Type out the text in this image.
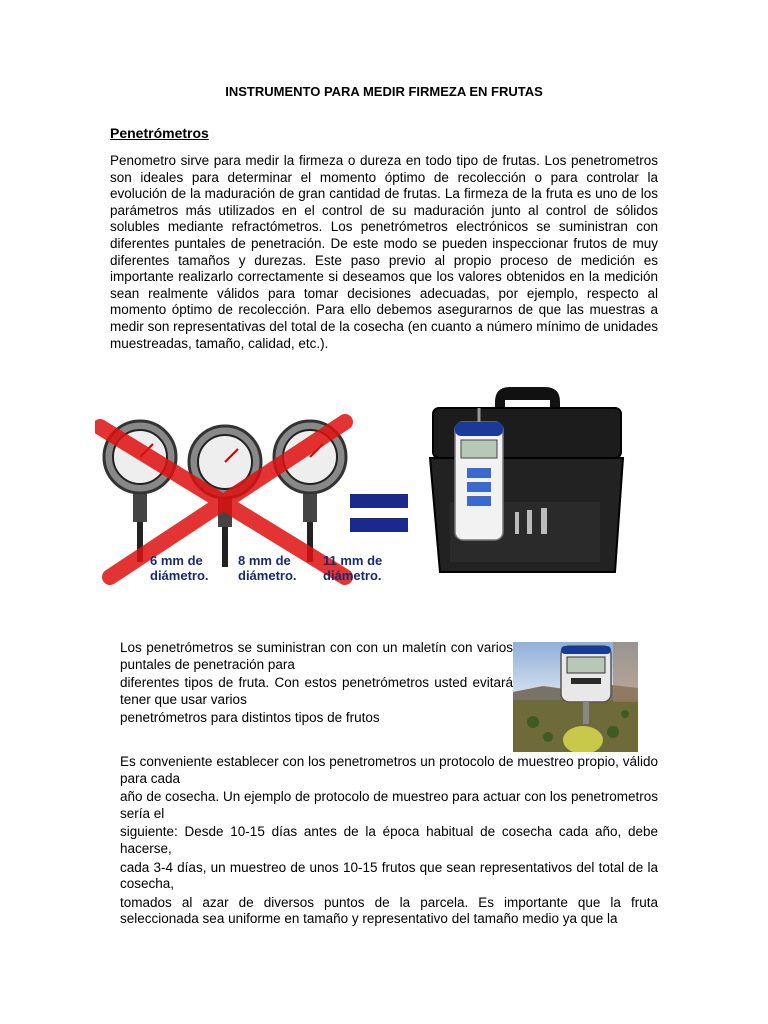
INSTRUMENTO PARA MEDIR FIRMEZA EN FRUTAS
Penetrómetros
Penometro sirve para medir la firmeza o dureza en todo tipo de frutas. Los penetrometros son ideales para determinar el momento óptimo de recolección o para controlar la evolución de la maduración de gran cantidad de frutas. La firmeza de la fruta es uno de los parámetros más utilizados en el control de su maduración junto al control de sólidos solubles mediante refractómetros. Los penetrómetros electrónicos se suministran con diferentes puntales de penetración. De este modo se pueden inspeccionar frutos de muy diferentes tamaños y durezas. Este paso previo al propio proceso de medición es importante realizarlo correctamente si deseamos que los valores obtenidos en la medición sean realmente válidos para tomar decisiones adecuadas, por ejemplo, respecto al momento óptimo de recolección. Para ello debemos asegurarnos de que las muestras a medir son representativas del total de la cosecha (en cuanto a número mínimo de unidades muestreadas, tamaño, calidad, etc.).
6 mm de
diámetro.
8 mm de
diámetro.
11 mm de
diámetro.
Los penetrómetros se suministran con con un maletín con varios puntales de penetración para
diferentes tipos de fruta. Con estos penetrómetros usted evitará tener que usar varios
penetrómetros para distintos tipos de frutos
Es conveniente establecer con los penetrometros un protocolo de muestreo propio, válido para cada
año de cosecha. Un ejemplo de protocolo de muestreo para actuar con los penetrometros sería el
siguiente: Desde 10-15 días antes de la época habitual de cosecha cada año, debe hacerse,
cada 3-4 días, un muestreo de unos 10-15 frutos que sean representativos del total de la cosecha,
tomados al azar de diversos puntos de la parcela. Es importante que la fruta seleccionada sea uniforme en tamaño y representativo del tamaño medio ya que la
